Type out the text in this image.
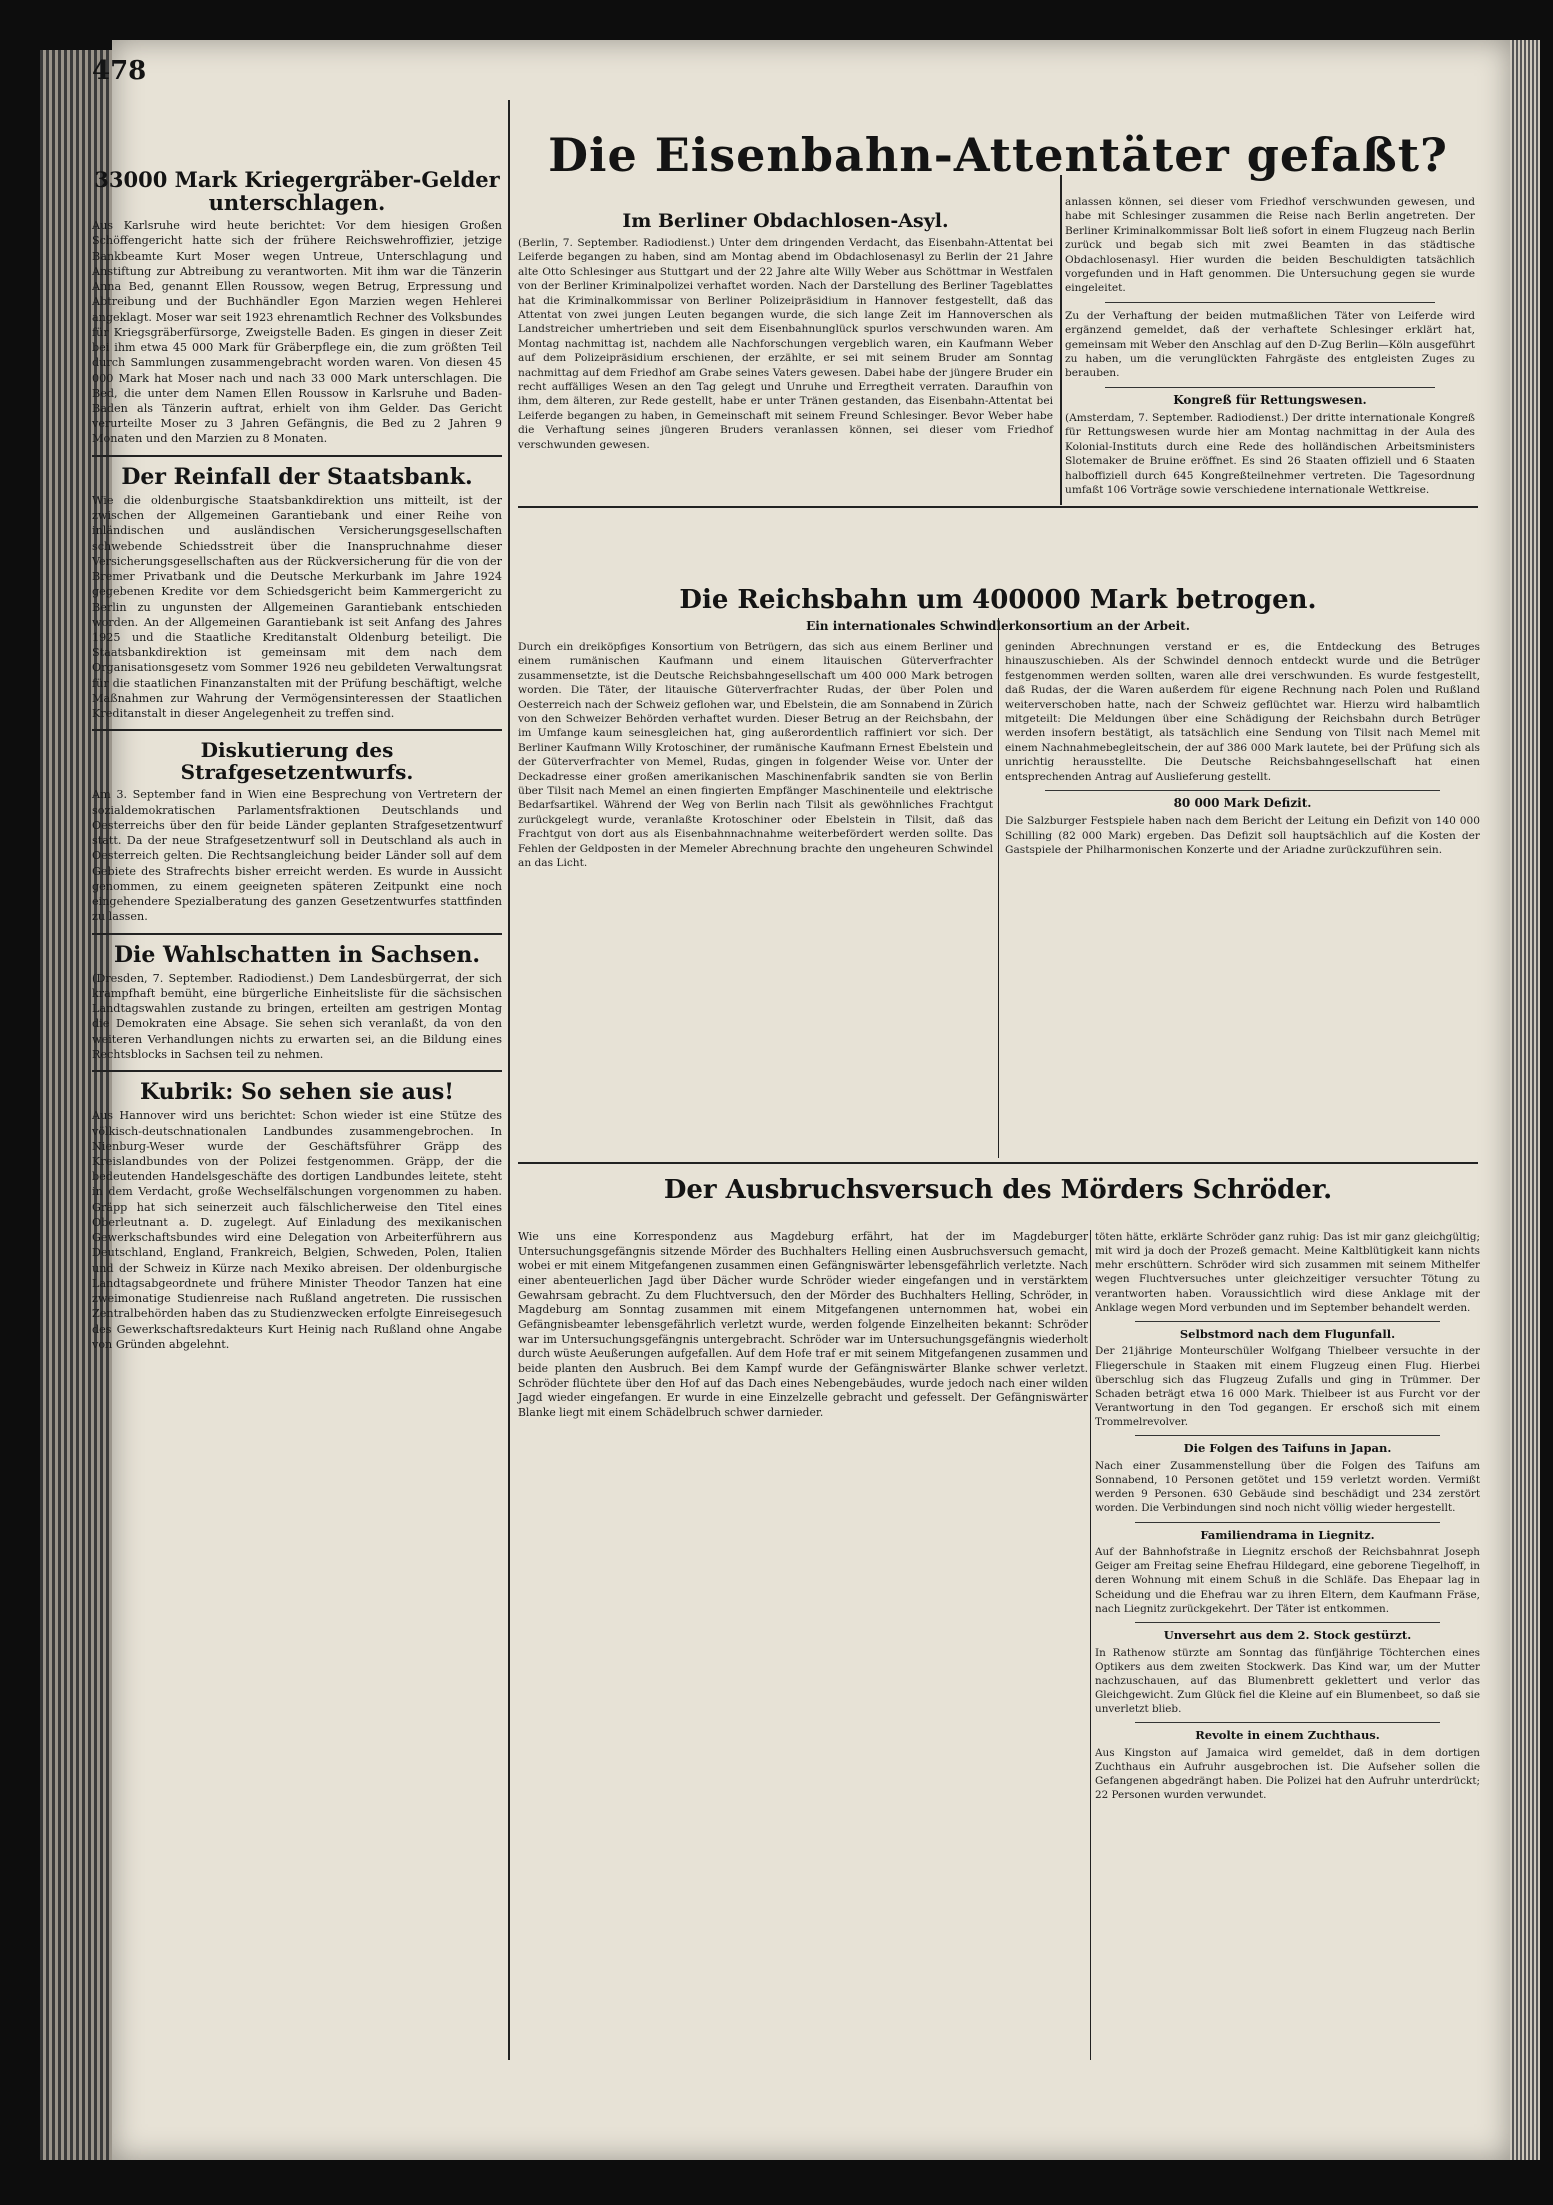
478
33000 Mark Kriegergräber-Gelder unterschlagen.

Aus Karlsruhe wird heute berichtet: Vor dem hiesigen Großen Schöffengericht hatte sich der frühere Reichswehroffizier, jetzige Bankbeamte Kurt Moser wegen Untreue, Unterschlagung und Anstiftung zur Abtreibung zu verantworten. Mit ihm war die Tänzerin Anna Bed, genannt Ellen Roussow, wegen Betrug, Erpressung und Abtreibung und der Buchhändler Egon Marzien wegen Hehlerei angeklagt. Moser war seit 1923 ehrenamtlich Rechner des Volksbundes für Kriegsgräberfürsorge, Zweigstelle Baden. Es gingen in dieser Zeit bei ihm etwa 45 000 Mark für Gräberpflege ein, die zum größten Teil durch Sammlungen zusammengebracht worden waren. Von diesen 45 000 Mark hat Moser nach und nach 33 000 Mark unterschlagen. Die Bed, die unter dem Namen Ellen Roussow in Karlsruhe und Baden-Baden als Tänzerin auftrat, erhielt von ihm Gelder. Das Gericht verurteilte Moser zu 3 Jahren Gefängnis, die Bed zu 2 Jahren 9 Monaten und den Marzien zu 8 Monaten.

Der Reinfall der Staatsbank.

Wie die oldenburgische Staatsbankdirektion uns mitteilt, ist der zwischen der Allgemeinen Garantiebank und einer Reihe von inländischen und ausländischen Versicherungsgesellschaften schwebende Schiedsstreit über die Inanspruchnahme dieser Versicherungsgesellschaften aus der Rückversicherung für die von der Bremer Privatbank und die Deutsche Merkurbank im Jahre 1924 gegebenen Kredite vor dem Schiedsgericht beim Kammergericht zu Berlin zu ungunsten der Allgemeinen Garantiebank entschieden worden. An der Allgemeinen Garantiebank ist seit Anfang des Jahres 1925 und die Staatliche Kreditanstalt Oldenburg beteiligt. Die Staatsbankdirektion ist gemeinsam mit dem nach dem Organisationsgesetz vom Sommer 1926 neu gebildeten Verwaltungsrat für die staatlichen Finanzanstalten mit der Prüfung beschäftigt, welche Maßnahmen zur Wahrung der Vermögensinteressen der Staatlichen Kreditanstalt in dieser Angelegenheit zu treffen sind.

Diskutierung des Strafgesetzentwurfs.

Am 3. September fand in Wien eine Besprechung von Vertretern der sozialdemokratischen Parlamentsfraktionen Deutschlands und Oesterreichs über den für beide Länder geplanten Strafgesetzentwurf statt. Da der neue Strafgesetzentwurf soll in Deutschland als auch in Oesterreich gelten. Die Rechtsangleichung beider Länder soll auf dem Gebiete des Strafrechts bisher erreicht werden. Es wurde in Aussicht genommen, zu einem geeigneten späteren Zeitpunkt eine noch eingehendere Spezialberatung des ganzen Gesetzentwurfes stattfinden zu lassen.

Die Wahlschatten in Sachsen.

(Dresden, 7. September. Radiodienst.) Dem Landesbürgerrat, der sich krampfhaft bemüht, eine bürgerliche Einheitsliste für die sächsischen Landtagswahlen zustande zu bringen, erteilten am gestrigen Montag die Demokraten eine Absage. Sie sehen sich veranlaßt, da von den weiteren Verhandlungen nichts zu erwarten sei, an die Bildung eines Rechtsblocks in Sachsen teil zu nehmen.

Kubrik: So sehen sie aus!

Aus Hannover wird uns berichtet: Schon wieder ist eine Stütze des völkisch-deutschnationalen Landbundes zusammengebrochen. In Nienburg-Weser wurde der Geschäftsführer Gräpp des Kreislandbundes von der Polizei festgenommen. Gräpp, der die bedeutenden Handelsgeschäfte des dortigen Landbundes leitete, steht in dem Verdacht, große Wechselfälschungen vorgenommen zu haben. Gräpp hat sich seinerzeit auch fälschlicherweise den Titel eines Oberleutnant a. D. zugelegt. Auf Einladung des mexikanischen Gewerkschaftsbundes wird eine Delegation von Arbeiterführern aus Deutschland, England, Frankreich, Belgien, Schweden, Polen, Italien und der Schweiz in Kürze nach Mexiko abreisen. Der oldenburgische Landtagsabgeordnete und frühere Minister Theodor Tanzen hat eine zweimonatige Studienreise nach Rußland angetreten. Die russischen Zentralbehörden haben das zu Studienzwecken erfolgte Einreisegesuch des Gewerkschaftsredakteurs Kurt Heinig nach Rußland ohne Angabe von Gründen abgelehnt.

Die Eisenbahn-Attentäter gefaßt?
Im Berliner Obdachlosen-Asyl.

(Berlin, 7. September. Radiodienst.) Unter dem dringenden Verdacht, das Eisenbahn-Attentat bei Leiferde begangen zu haben, sind am Montag abend im Obdachlosenasyl zu Berlin der 21 Jahre alte Otto Schlesinger aus Stuttgart und der 22 Jahre alte Willy Weber aus Schöttmar in Westfalen von der Berliner Kriminalpolizei verhaftet worden. Nach der Darstellung des Berliner Tageblattes hat die Kriminalkommissar von Berliner Polizeipräsidium in Hannover festgestellt, daß das Attentat von zwei jungen Leuten begangen wurde, die sich lange Zeit im Hannoverschen als Landstreicher umhertrieben und seit dem Eisenbahnunglück spurlos verschwunden waren. Am Montag nachmittag ist, nachdem alle Nachforschungen vergeblich waren, ein Kaufmann Weber auf dem Polizeipräsidium erschienen, der erzählte, er sei mit seinem Bruder am Sonntag nachmittag auf dem Friedhof am Grabe seines Vaters gewesen. Dabei habe der jüngere Bruder ein recht auffälliges Wesen an den Tag gelegt und Unruhe und Erregtheit verraten. Daraufhin von ihm, dem älteren, zur Rede gestellt, habe er unter Tränen gestanden, das Eisenbahn-Attentat bei Leiferde begangen zu haben, in Gemeinschaft mit seinem Freund Schlesinger. Bevor Weber habe die Verhaftung seines jüngeren Bruders veranlassen können, sei dieser vom Friedhof verschwunden gewesen.

anlassen können, sei dieser vom Friedhof verschwunden gewesen, und habe mit Schlesinger zusammen die Reise nach Berlin angetreten. Der Berliner Kriminalkommissar Bolt ließ sofort in einem Flugzeug nach Berlin zurück und begab sich mit zwei Beamten in das städtische Obdachlosenasyl. Hier wurden die beiden Beschuldigten tatsächlich vorgefunden und in Haft genommen. Die Untersuchung gegen sie wurde eingeleitet.

Zu der Verhaftung der beiden mutmaßlichen Täter von Leiferde wird ergänzend gemeldet, daß der verhaftete Schlesinger erklärt hat, gemeinsam mit Weber den Anschlag auf den D-Zug Berlin—Köln ausgeführt zu haben, um die verunglückten Fahrgäste des entgleisten Zuges zu berauben.

Kongreß für Rettungswesen.

(Amsterdam, 7. September. Radiodienst.) Der dritte internationale Kongreß für Rettungswesen wurde hier am Montag nachmittag in der Aula des Kolonial-Instituts durch eine Rede des holländischen Arbeitsministers Slotemaker de Bruine eröffnet. Es sind 26 Staaten offiziell und 6 Staaten halboffiziell durch 645 Kongreßteilnehmer vertreten. Die Tagesordnung umfaßt 106 Vorträge sowie verschiedene internationale Wettkreise.

Die Reichsbahn um 400000 Mark betrogen.

Ein internationales Schwindlerkonsortium an der Arbeit.

Durch ein dreiköpfiges Konsortium von Betrügern, das sich aus einem Berliner und einem rumänischen Kaufmann und einem litauischen Güterverfrachter zusammensetzte, ist die Deutsche Reichsbahngesellschaft um 400 000 Mark betrogen worden. Die Täter, der litauische Güterverfrachter Rudas, der über Polen und Oesterreich nach der Schweiz geflohen war, und Ebelstein, die am Sonnabend in Zürich von den Schweizer Behörden verhaftet wurden. Dieser Betrug an der Reichsbahn, der im Umfange kaum seinesgleichen hat, ging außerordentlich raffiniert vor sich. Der Berliner Kaufmann Willy Krotoschiner, der rumänische Kaufmann Ernest Ebelstein und der Güterverfrachter von Memel, Rudas, gingen in folgender Weise vor. Unter der Deckadresse einer großen amerikanischen Maschinenfabrik sandten sie von Berlin über Tilsit nach Memel an einen fingierten Empfänger Maschinenteile und elektrische Bedarfsartikel. Während der Weg von Berlin nach Tilsit als gewöhnliches Frachtgut zurückgelegt wurde, veranlaßte Krotoschiner oder Ebelstein in Tilsit, daß das Frachtgut von dort aus als Eisenbahnnachnahme weiterbefördert werden sollte. Das Fehlen der Geldposten in der Memeler Abrechnung brachte den ungeheuren Schwindel an das Licht.

geninden Abrechnungen verstand er es, die Entdeckung des Betruges hinauszuschieben. Als der Schwindel dennoch entdeckt wurde und die Betrüger festgenommen werden sollten, waren alle drei verschwunden. Es wurde festgestellt, daß Rudas, der die Waren außerdem für eigene Rechnung nach Polen und Rußland weiterverschoben hatte, nach der Schweiz geflüchtet war. Hierzu wird halbamtlich mitgeteilt: Die Meldungen über eine Schädigung der Reichsbahn durch Betrüger werden insofern bestätigt, als tatsächlich eine Sendung von Tilsit nach Memel mit einem Nachnahmebegleitschein, der auf 386 000 Mark lautete, bei der Prüfung sich als unrichtig herausstellte. Die Deutsche Reichsbahngesellschaft hat einen entsprechenden Antrag auf Auslieferung gestellt.

80 000 Mark Defizit.

Die Salzburger Festspiele haben nach dem Bericht der Leitung ein Defizit von 140 000 Schilling (82 000 Mark) ergeben. Das Defizit soll hauptsächlich auf die Kosten der Gastspiele der Philharmonischen Konzerte und der Ariadne zurückzuführen sein.

Der Ausbruchsversuch des Mörders Schröder.

Wie uns eine Korrespondenz aus Magdeburg erfährt, hat der im Magdeburger Untersuchungsgefängnis sitzende Mörder des Buchhalters Helling einen Ausbruchsversuch gemacht, wobei er mit einem Mitgefangenen zusammen einen Gefängniswärter lebensgefährlich verletzte. Nach einer abenteuerlichen Jagd über Dächer wurde Schröder wieder eingefangen und in verstärktem Gewahrsam gebracht. Zu dem Fluchtversuch, den der Mörder des Buchhalters Helling, Schröder, in Magdeburg am Sonntag zusammen mit einem Mitgefangenen unternommen hat, wobei ein Gefängnisbeamter lebensgefährlich verletzt wurde, werden folgende Einzelheiten bekannt: Schröder war im Untersuchungsgefängnis untergebracht. Schröder war im Untersuchungsgefängnis wiederholt durch wüste Aeußerungen aufgefallen. Auf dem Hofe traf er mit seinem Mitgefangenen zusammen und beide planten den Ausbruch. Bei dem Kampf wurde der Gefängniswärter Blanke schwer verletzt. Schröder flüchtete über den Hof auf das Dach eines Nebengebäudes, wurde jedoch nach einer wilden Jagd wieder eingefangen. Er wurde in eine Einzelzelle gebracht und gefesselt. Der Gefängniswärter Blanke liegt mit einem Schädelbruch schwer darnieder.

töten hätte, erklärte Schröder ganz ruhig: Das ist mir ganz gleichgültig; mit wird ja doch der Prozeß gemacht. Meine Kaltblütigkeit kann nichts mehr erschüttern. Schröder wird sich zusammen mit seinem Mithelfer wegen Fluchtversuches unter gleichzeitiger versuchter Tötung zu verantworten haben. Voraussichtlich wird diese Anklage mit der Anklage wegen Mord verbunden und im September behandelt werden.

Selbstmord nach dem Flugunfall.

Der 21jährige Monteurschüler Wolfgang Thielbeer versuchte in der Fliegerschule in Staaken mit einem Flugzeug einen Flug. Hierbei überschlug sich das Flugzeug Zufalls und ging in Trümmer. Der Schaden beträgt etwa 16 000 Mark. Thielbeer ist aus Furcht vor der Verantwortung in den Tod gegangen. Er erschoß sich mit einem Trommelrevolver.

Die Folgen des Taifuns in Japan.

Nach einer Zusammenstellung über die Folgen des Taifuns am Sonnabend, 10 Personen getötet und 159 verletzt worden. Vermißt werden 9 Personen. 630 Gebäude sind beschädigt und 234 zerstört worden. Die Verbindungen sind noch nicht völlig wieder hergestellt.

Familiendrama in Liegnitz.

Auf der Bahnhofstraße in Liegnitz erschoß der Reichsbahnrat Joseph Geiger am Freitag seine Ehefrau Hildegard, eine geborene Tiegelhoff, in deren Wohnung mit einem Schuß in die Schläfe. Das Ehepaar lag in Scheidung und die Ehefrau war zu ihren Eltern, dem Kaufmann Fräse, nach Liegnitz zurückgekehrt. Der Täter ist entkommen.

Unversehrt aus dem 2. Stock gestürzt.

In Rathenow stürzte am Sonntag das fünfjährige Töchterchen eines Optikers aus dem zweiten Stockwerk. Das Kind war, um der Mutter nachzuschauen, auf das Blumenbrett geklettert und verlor das Gleichgewicht. Zum Glück fiel die Kleine auf ein Blumenbeet, so daß sie unverletzt blieb.

Revolte in einem Zuchthaus.

Aus Kingston auf Jamaica wird gemeldet, daß in dem dortigen Zuchthaus ein Aufruhr ausgebrochen ist. Die Aufseher sollen die Gefangenen abgedrängt haben. Die Polizei hat den Aufruhr unterdrückt; 22 Personen wurden verwundet.
